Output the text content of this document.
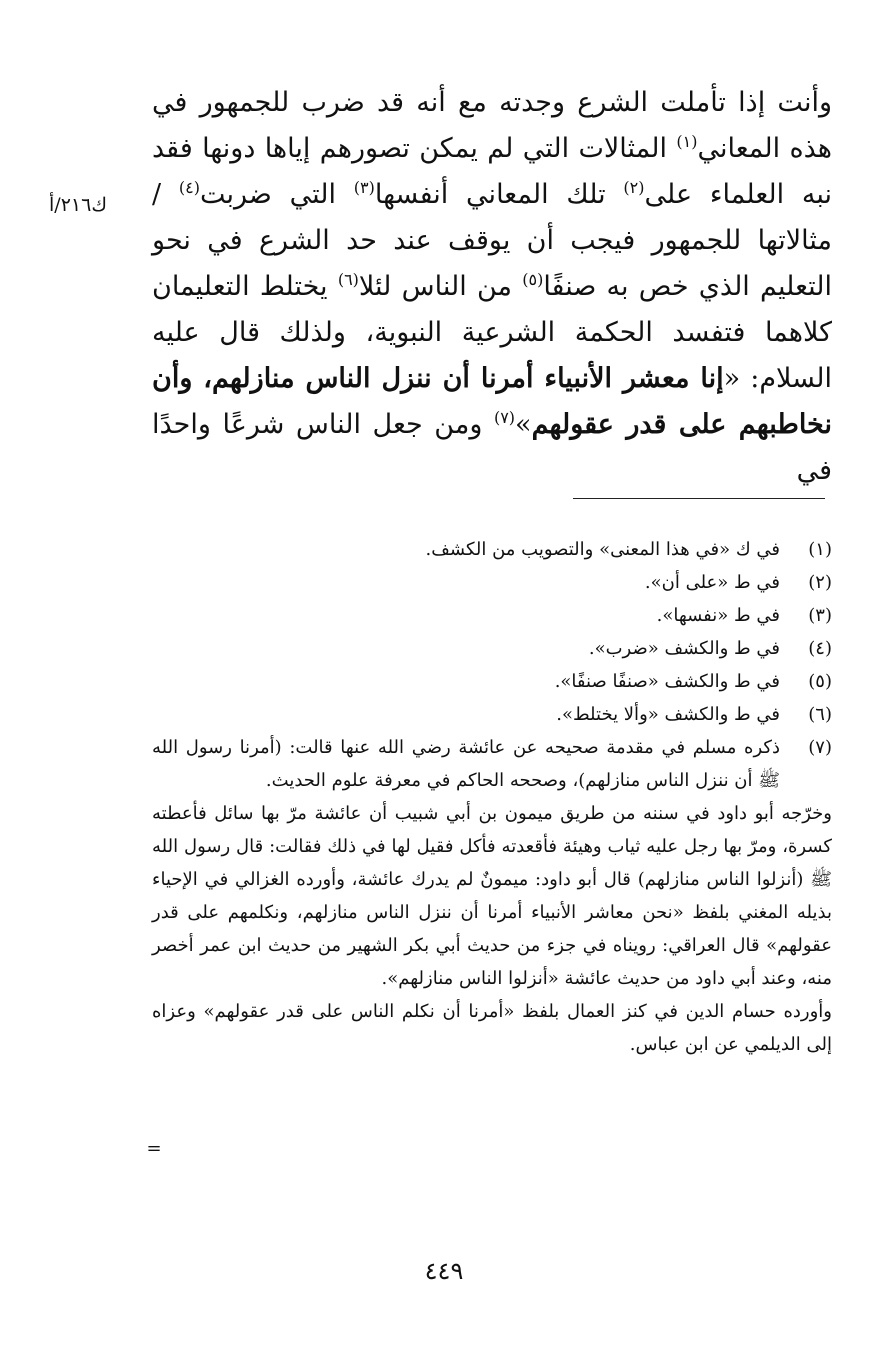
ك٢١٦/أ
وأنت إذا تأملت الشرع وجدته مع أنه قد ضرب للجمهور في هذه المعاني$^{(١)}$ المثالات التي لم يمكن تصورهم إياها دونها فقد نبه العلماء على$^{(٢)}$ تلك المعاني أنفسها$^{(٣)}$ التي ضربت$^{(٤)}$ / مثالاتها للجمهور فيجب أن يوقف عند حد الشرع في نحو التعليم الذي خص به صنفًا$^{(٥)}$ من الناس لئلا$^{(٦)}$ يختلط التعليمان كلاهما فتفسد الحكمة الشرعية النبوية، ولذلك قال عليه السلام: «إنا معشر الأنبياء أمرنا أن ننزل الناس منازلهم، وأن نخاطبهم على قدر عقولهم»$^{(٧)}$ ومن جعل الناس شرعًا واحدًا في
(١)
في ك «في هذا المعنى» والتصويب من الكشف.
(٢)
في ط «على أن».
(٣)
في ط «نفسها».
(٤)
في ط والكشف «ضرب».
(٥)
في ط والكشف «صنفًا صنفًا».
(٦)
في ط والكشف «وألا يختلط».
(٧)
ذكره مسلم في مقدمة صحيحه عن عائشة رضي الله عنها قالت: (أمرنا رسول الله ﷺ أن ننزل الناس منازلهم)، وصححه الحاكم في معرفة علوم الحديث.
وخرّجه أبو داود في سننه من طريق ميمون بن أبي شبيب أن عائشة مرّ بها سائل فأعطته كسرة، ومرّ بها رجل عليه ثياب وهيئة فأقعدته فأكل فقيل لها في ذلك فقالت: قال رسول الله ﷺ (أنزلوا الناس منازلهم) قال أبو داود: ميمونٌ لم يدرك عائشة، وأورده الغزالي في الإحياء بذيله المغني بلفظ «نحن معاشر الأنبياء أمرنا أن ننزل الناس منازلهم، ونكلمهم على قدر عقولهم» قال العراقي: رويناه في جزء من حديث أبي بكر الشهير من حديث ابن عمر أخصر منه، وعند أبي داود من حديث عائشة «أنزلوا الناس منازلهم».
وأورده حسام الدين في كنز العمال بلفظ «أمرنا أن نكلم الناس على قدر عقولهم» وعزاه إلى الديلمي عن ابن عباس.
=
٤٤٩
